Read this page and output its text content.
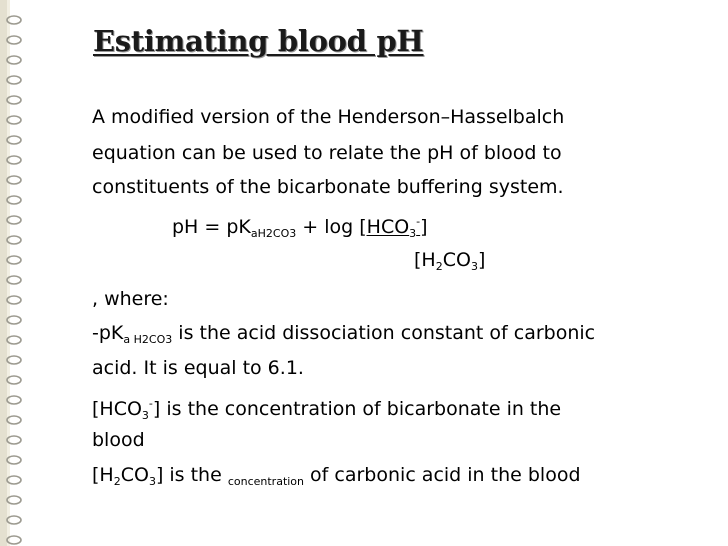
Estimating blood pH
A modified version of the Henderson–Hasselbalch
equation can be used to relate the pH of blood to
constituents of the bicarbonate buffering system.
pH = $pK_{aH2CO3} + \log [HCO_3^-]$
$[H_2CO_3]$
, where:
$-pK_{a H2CO3}$ is the acid dissociation constant of carbonic
acid. It is equal to 6.1.
$[HCO_3^-]$ is the concentration of bicarbonate in the
blood
$[H_2CO_3]$ is the $_{concentration}$ of carbonic acid in the blood
